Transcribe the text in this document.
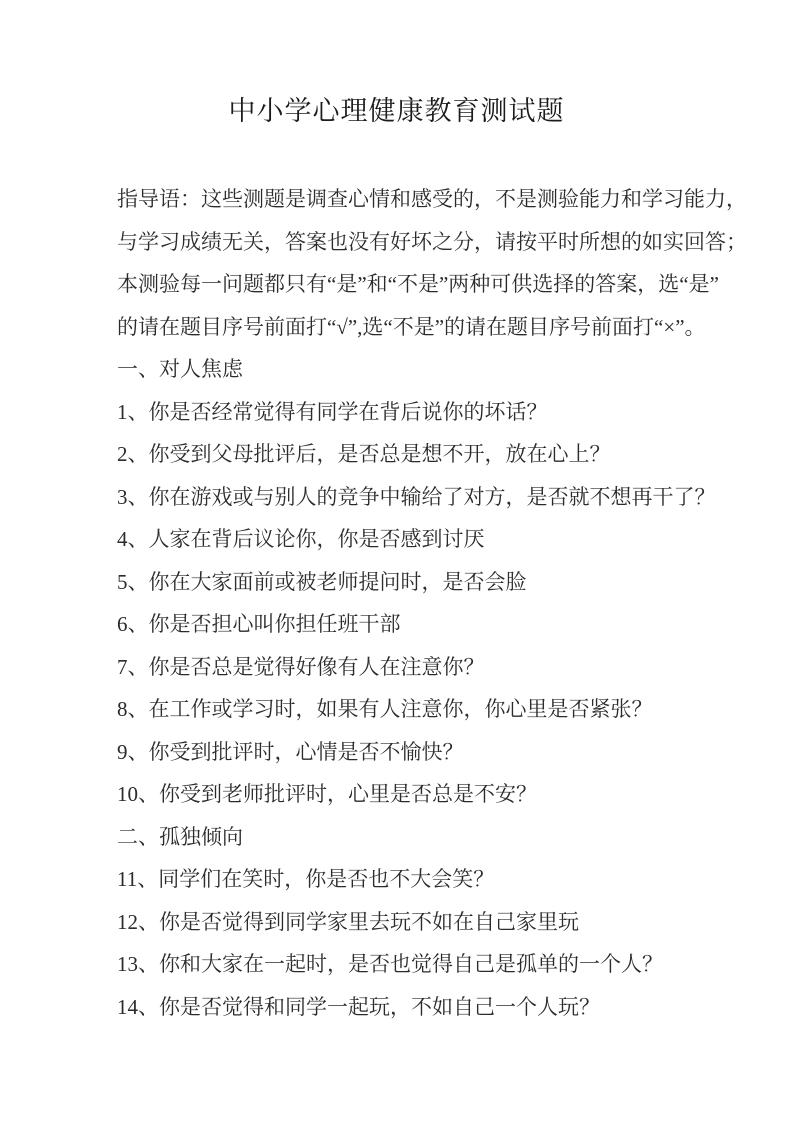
中小学心理健康教育测试题
指导语：这些测题是调查心情和感受的，不是测验能力和学习能力，
与学习成绩无关，答案也没有好坏之分，请按平时所想的如实回答；
本测验每一问题都只有“是”和“不是”两种可供选择的答案，选“是”
的请在题目序号前面打“√”,选“不是”的请在题目序号前面打“×”。
一、对人焦虑
1、你是否经常觉得有同学在背后说你的坏话？
2、你受到父母批评后，是否总是想不开，放在心上？
3、你在游戏或与别人的竞争中输给了对方，是否就不想再干了？
4、人家在背后议论你，你是否感到讨厌
5、你在大家面前或被老师提问时，是否会脸
6、你是否担心叫你担任班干部
7、你是否总是觉得好像有人在注意你？
8、在工作或学习时，如果有人注意你，你心里是否紧张？
9、你受到批评时，心情是否不愉快？
10、你受到老师批评时，心里是否总是不安？
二、孤独倾向
11、同学们在笑时，你是否也不大会笑？
12、你是否觉得到同学家里去玩不如在自己家里玩
13、你和大家在一起时，是否也觉得自己是孤单的一个人？
14、你是否觉得和同学一起玩，不如自己一个人玩？
